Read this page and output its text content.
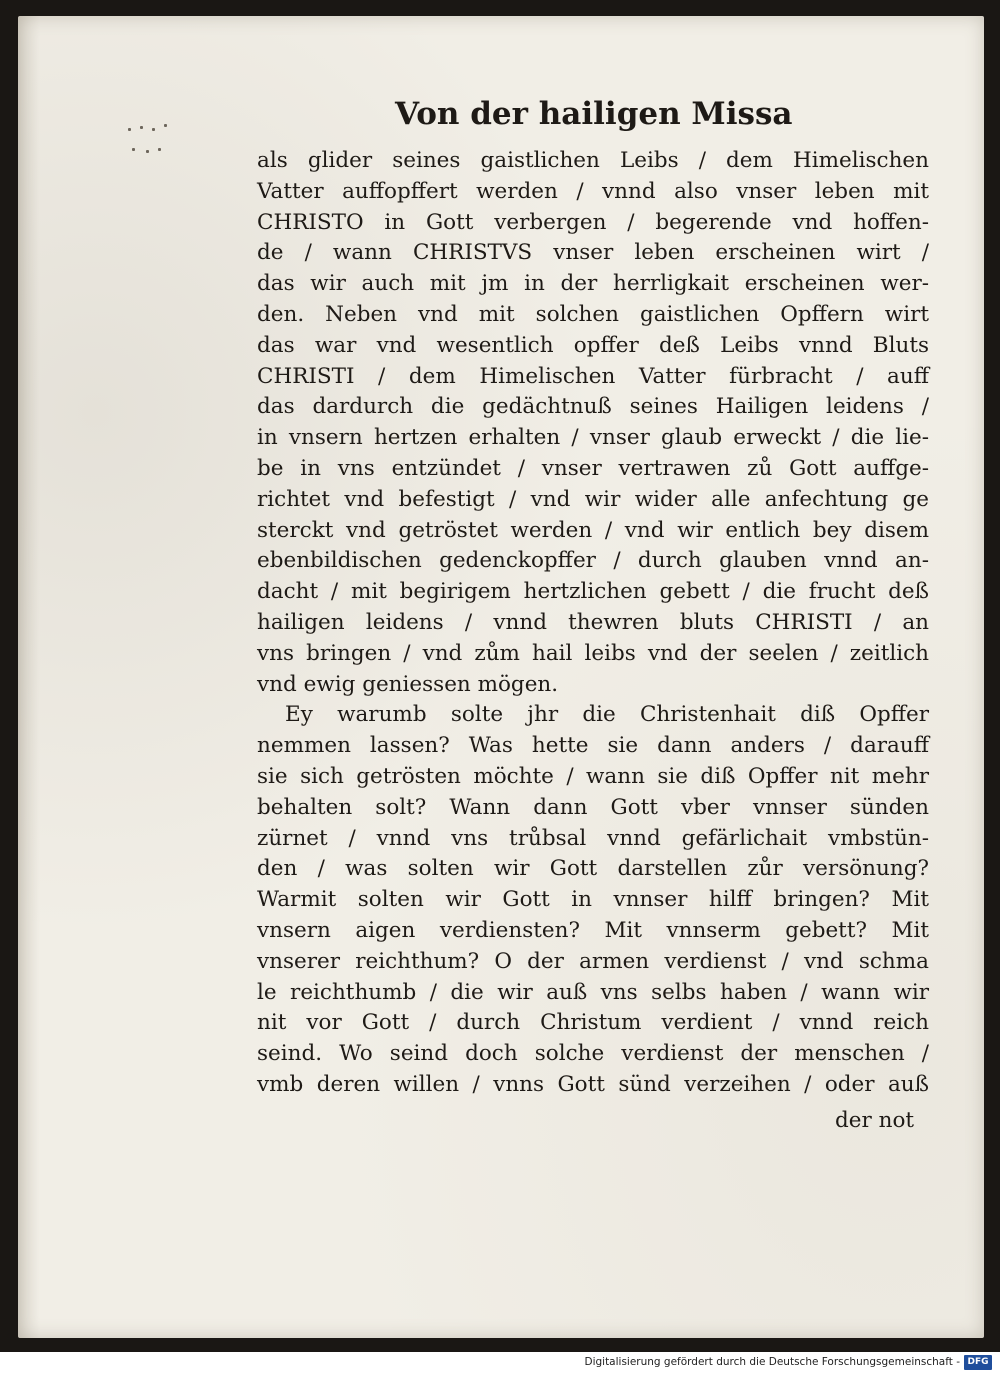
Von der hailigen Missa
als glider seines gaistlichen Leibs / dem Himelischen
Vatter auffopffert werden / vnnd also vnser leben mit
CHRISTO in Gott verbergen / begerende vnd hoffen-
de / wann CHRISTVS vnser leben erscheinen wirt /
das wir auch mit jm in der herrligkait erscheinen wer-
den. Neben vnd mit solchen gaistlichen Opffern wirt
das war vnd wesentlich opffer deß Leibs vnnd Bluts
CHRISTI / dem Himelischen Vatter fürbracht / auff
das dardurch die gedächtnuß seines Hailigen leidens /
in vnsern hertzen erhalten / vnser glaub erweckt / die lie-
be in vns entzündet / vnser vertrawen zů Gott auffge-
richtet vnd befestigt / vnd wir wider alle anfechtung ge
sterckt vnd getröstet werden / vnd wir entlich bey disem
ebenbildischen gedenckopffer / durch glauben vnnd an-
dacht / mit begirigem hertzlichen gebett / die frucht deß
hailigen leidens / vnnd thewren bluts CHRISTI / an
vns bringen / vnd zům hail leibs vnd der seelen / zeitlich
vnd ewig geniessen mögen.
Ey warumb solte jhr die Christenhait diß Opffer
nemmen lassen? Was hette sie dann anders / darauff
sie sich getrösten möchte / wann sie diß Opffer nit mehr
behalten solt? Wann dann Gott vber vnnser sünden
zürnet / vnnd vns trůbsal vnnd gefärlichait vmbstün-
den / was solten wir Gott darstellen zůr versönung?
Warmit solten wir Gott in vnnser hilff bringen? Mit
vnsern aigen verdiensten? Mit vnnserm gebett? Mit
vnserer reichthum? O der armen verdienst / vnd schma
le reichthumb / die wir auß vns selbs haben / wann wir
nit vor Gott / durch Christum verdient / vnnd reich
seind. Wo seind doch solche verdienst der menschen /
vmb deren willen / vnns Gott sünd verzeihen / oder auß
der not
Digitalisierung gefördert durch die Deutsche Forschungsgemeinschaft - DFG
